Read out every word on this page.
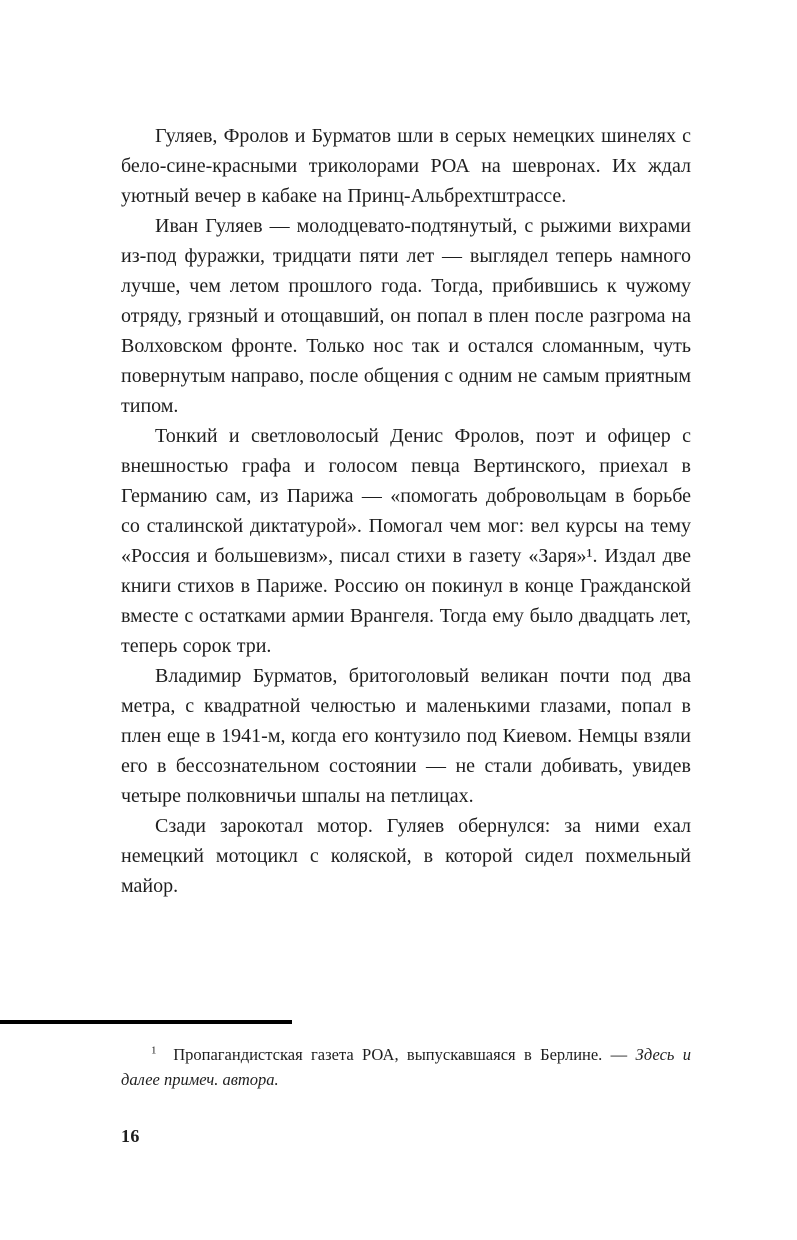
Гуляев, Фролов и Бурматов шли в серых немецких шинелях с бело-сине-красными триколорами РОА на шевронах. Их ждал уютный вечер в кабаке на Принц-Альбрехтштрассе.

Иван Гуляев — молодцевато-подтянутый, с рыжими вихрами из-под фуражки, тридцати пяти лет — выглядел теперь намного лучше, чем летом прошлого года. Тогда, прибившись к чужому отряду, грязный и отощавший, он попал в плен после разгрома на Волховском фронте. Только нос так и остался сломанным, чуть повернутым направо, после общения с одним не самым приятным типом.

Тонкий и светловолосый Денис Фролов, поэт и офицер с внешностью графа и голосом певца Вертинского, приехал в Германию сам, из Парижа — «помогать добровольцам в борьбе со сталинской диктатурой». Помогал чем мог: вел курсы на тему «Россия и большевизм», писал стихи в газету «Заря»¹. Издал две книги стихов в Париже. Россию он покинул в конце Гражданской вместе с остатками армии Врангеля. Тогда ему было двадцать лет, теперь сорок три.

Владимир Бурматов, бритоголовый великан почти под два метра, с квадратной челюстью и маленькими глазами, попал в плен еще в 1941-м, когда его контузило под Киевом. Немцы взяли его в бессознательном состоянии — не стали добивать, увидев четыре полковничьи шпалы на петлицах.

Сзади зарокотал мотор. Гуляев обернулся: за ними ехал немецкий мотоцикл с коляской, в которой сидел похмельный майор.

$^1$ Пропагандистская газета РОА, выпускавшаяся в Берлине. — Здесь и далее примеч. автора.

16
